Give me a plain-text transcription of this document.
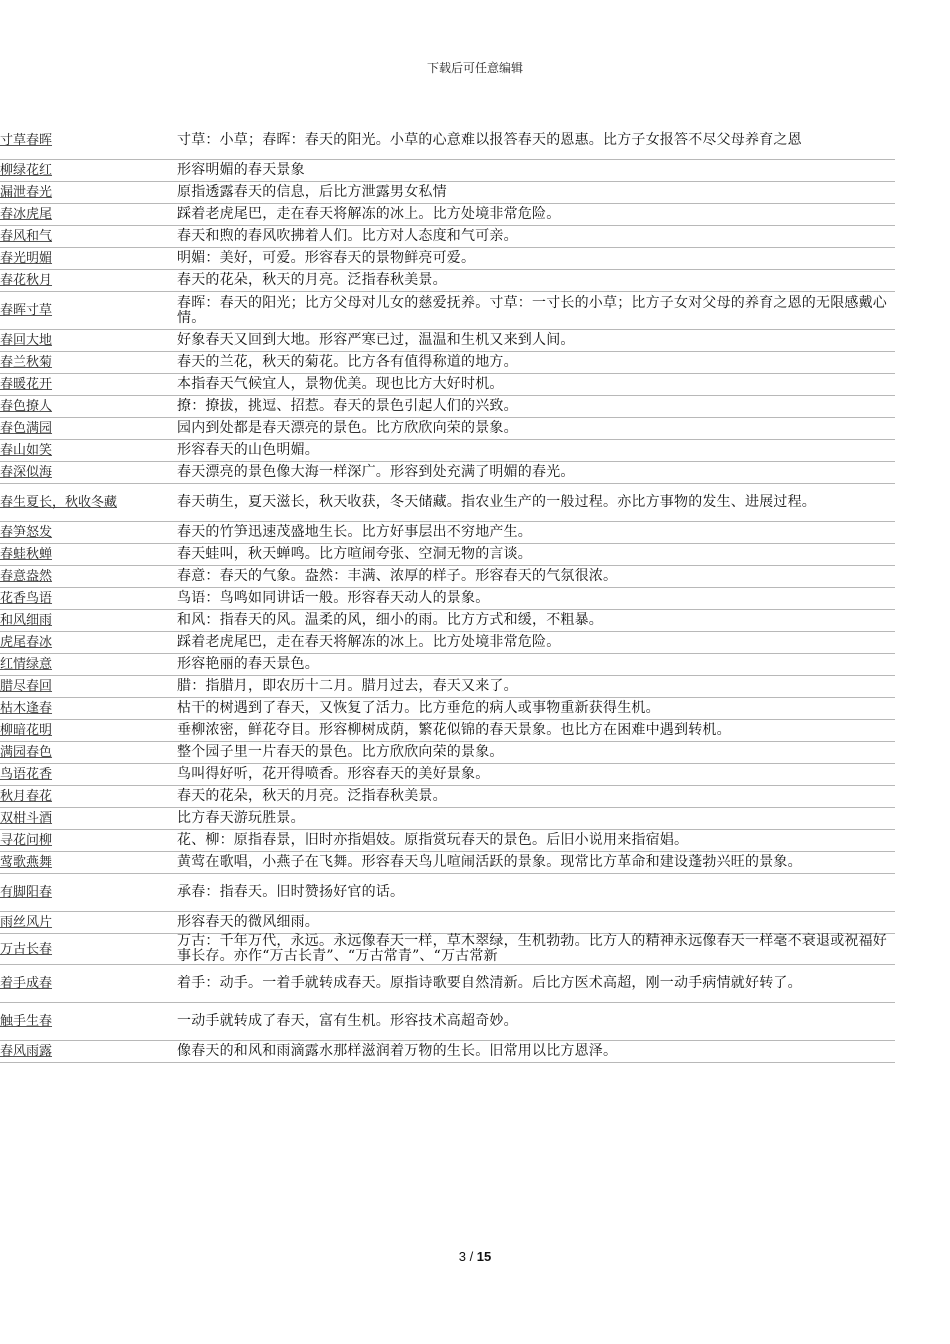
下载后可任意编辑
寸草春晖	寸草：小草；春晖：春天的阳光。小草的心意难以报答春天的恩惠。比方子女报答不尽父母养育之恩
柳绿花红	形容明媚的春天景象
漏泄春光	原指透露春天的信息，后比方泄露男女私情
春冰虎尾	踩着老虎尾巴，走在春天将解冻的冰上。比方处境非常危险。
春风和气	春天和煦的春风吹拂着人们。比方对人态度和气可亲。
春光明媚	明媚：美好，可爱。形容春天的景物鲜亮可爱。
春花秋月	春天的花朵，秋天的月亮。泛指春秋美景。
春晖寸草	春晖：春天的阳光；比方父母对儿女的慈爱抚养。寸草：一寸长的小草；比方子女对父母的养育之恩的无限感戴心情。
春回大地	好象春天又回到大地。形容严寒已过，温温和生机又来到人间。
春兰秋菊	春天的兰花，秋天的菊花。比方各有值得称道的地方。
春暖花开	本指春天气候宜人，景物优美。现也比方大好时机。
春色撩人	撩：撩拔，挑逗、招惹。春天的景色引起人们的兴致。
春色满园	园内到处都是春天漂亮的景色。比方欣欣向荣的景象。
春山如笑	形容春天的山色明媚。
春深似海	春天漂亮的景色像大海一样深广。形容到处充满了明媚的春光。
春生夏长，秋收冬藏	春天萌生，夏天滋长，秋天收获，冬天储藏。指农业生产的一般过程。亦比方事物的发生、进展过程。
春笋怒发	春天的竹笋迅速茂盛地生长。比方好事层出不穷地产生。
春蛙秋蝉	春天蛙叫，秋天蝉鸣。比方喧闹夸张、空洞无物的言谈。
春意盎然	春意：春天的气象。盎然：丰满、浓厚的样子。形容春天的气氛很浓。
花香鸟语	鸟语：鸟鸣如同讲话一般。形容春天动人的景象。
和风细雨	和风：指春天的风。温柔的风，细小的雨。比方方式和缓，不粗暴。
虎尾春冰	踩着老虎尾巴，走在春天将解冻的冰上。比方处境非常危险。
红情绿意	形容艳丽的春天景色。
腊尽春回	腊：指腊月，即农历十二月。腊月过去，春天又来了。
枯木逢春	枯干的树遇到了春天，又恢复了活力。比方垂危的病人或事物重新获得生机。
柳暗花明	垂柳浓密，鲜花夺目。形容柳树成荫，繁花似锦的春天景象。也比方在困难中遇到转机。
满园春色	整个园子里一片春天的景色。比方欣欣向荣的景象。
鸟语花香	鸟叫得好听，花开得喷香。形容春天的美好景象。
秋月春花	春天的花朵，秋天的月亮。泛指春秋美景。
双柑斗酒	比方春天游玩胜景。
寻花问柳	花、柳：原指春景，旧时亦指娼妓。原指赏玩春天的景色。后旧小说用来指宿娼。
莺歌燕舞	黄莺在歌唱，小燕子在飞舞。形容春天鸟儿喧闹活跃的景象。现常比方革命和建设蓬勃兴旺的景象。
有脚阳春	承春：指春天。旧时赞扬好官的话。
雨丝风片	形容春天的微风细雨。
万古长春	万古：千年万代，永远。永远像春天一样，草木翠绿，生机勃勃。比方人的精神永远像春天一样毫不衰退或祝福好事长存。亦作“万古长青”、“万古常青”、“万古常新
着手成春	着手：动手。一着手就转成春天。原指诗歌要自然清新。后比方医术高超，刚一动手病情就好转了。
触手生春	一动手就转成了春天，富有生机。形容技术高超奇妙。
春风雨露	像春天的和风和雨滴露水那样滋润着万物的生长。旧常用以比方恩泽。
3 / 15
